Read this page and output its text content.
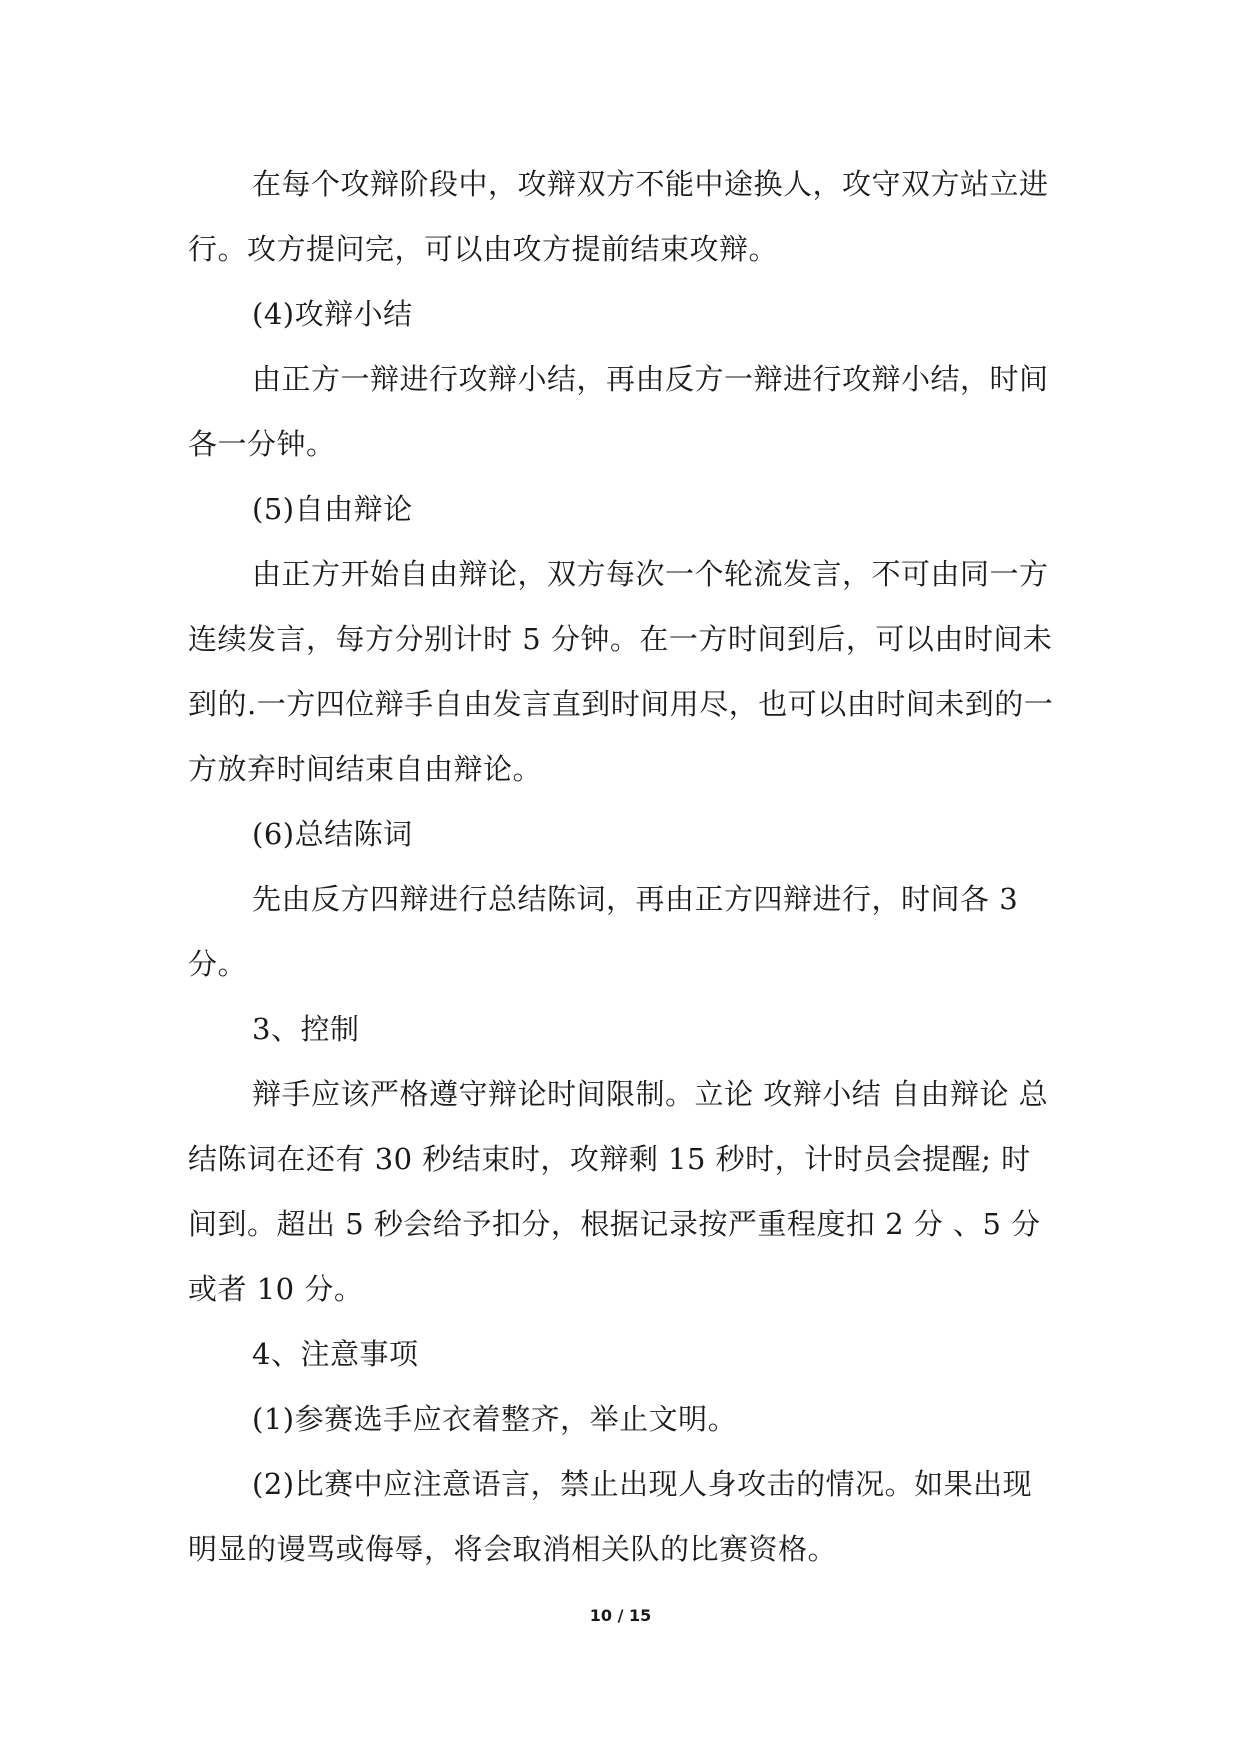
在每个攻辩阶段中，攻辩双方不能中途换人，攻守双方站立进行。攻方提问完，可以由攻方提前结束攻辩。

(4)攻辩小结

由正方一辩进行攻辩小结，再由反方一辩进行攻辩小结，时间各一分钟。

(5)自由辩论

由正方开始自由辩论，双方每次一个轮流发言，不可由同一方连续发言，每方分别计时 5 分钟。在一方时间到后，可以由时间未到的.一方四位辩手自由发言直到时间用尽，也可以由时间未到的一方放弃时间结束自由辩论。

(6)总结陈词

先由反方四辩进行总结陈词，再由正方四辩进行，时间各 3 分。

3、控制

辩手应该严格遵守辩论时间限制。立论 攻辩小结 自由辩论 总结陈词在还有 30 秒结束时，攻辩剩 15 秒时，计时员会提醒; 时间到。超出 5 秒会给予扣分，根据记录按严重程度扣 2 分 、5 分或者 10 分。

4、注意事项

(1)参赛选手应衣着整齐，举止文明。

(2)比赛中应注意语言，禁止出现人身攻击的情况。如果出现明显的谩骂或侮辱，将会取消相关队的比赛资格。

10 / 15
